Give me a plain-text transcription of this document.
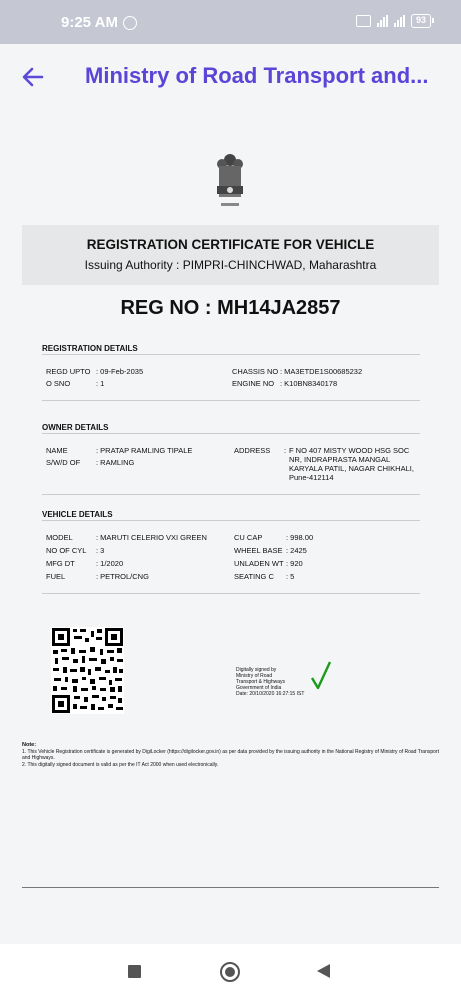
9:25 AM	93
Ministry of Road Transport and...
REGISTRATION CERTIFICATE FOR VEHICLE
Issuing Authority : PIMPRI-CHINCHWAD, Maharashtra
REG NO : MH14JA2857
REGISTRATION DETAILS
REGD UPTO : 09-Feb-2035	CHASSIS NO : MA3ETDE1S00685232
O SNO	: 1	ENGINE NO : K10BN8340178
OWNER DETAILS
NAME	: PRATAP RAMLING TIPALE
S/W/D OF : RAMLING
ADDRESS : F NO 407 MISTY WOOD HSG SOC
NR, INDRAPRASTA MANGAL
KARYALA PATIL, NAGAR CHIKHALI,
Pune-412114
VEHICLE DETAILS
MODEL	: MARUTI CELERIO VXI GREEN	CU CAP	: 998.00
NO OF CYL : 3	WHEEL BASE : 2425
MFG DT	: 1/2020	UNLADEN WT : 920
FUEL	: PETROL/CNG	SEATING C : 5
Digitally signed by
Ministry of Road
Transport & Highways
Government of India
Date: 20/10/2020 16:27:15 IST
Note:
1. This Vehicle Registration certificate is generated by DigiLocker (https://digilocker.gov.in) as per data provided by the issuing authority in the National Registry of Ministry of Road Transport and Highways.
2. This digitally signed document is valid as per the IT Act 2000 when used electronically.
